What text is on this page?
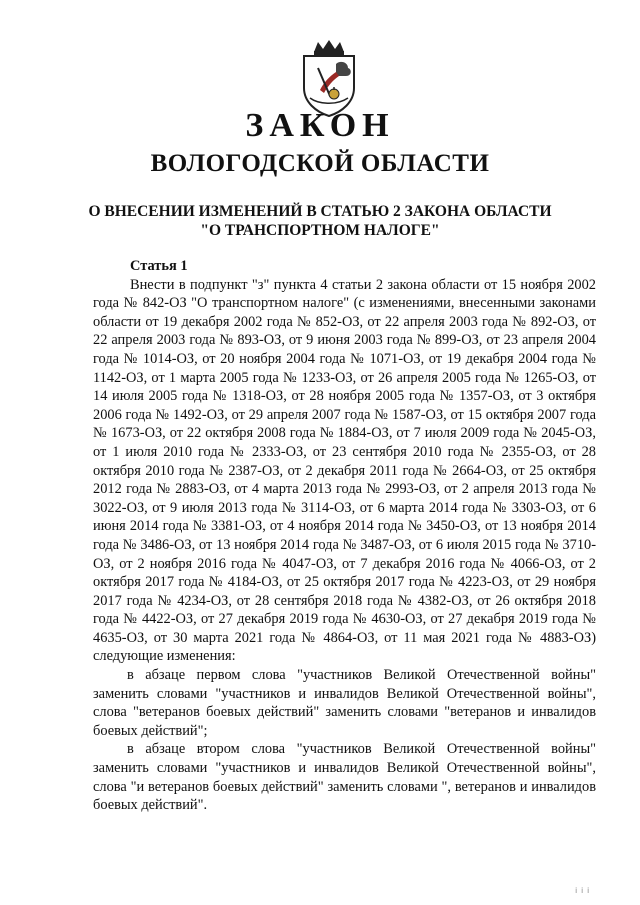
ЗАКОН
ВОЛОГОДСКОЙ ОБЛАСТИ
О ВНЕСЕНИИ ИЗМЕНЕНИЙ В СТАТЬЮ 2 ЗАКОНА ОБЛАСТИ
"О ТРАНСПОРТНОМ НАЛОГЕ"

Статья 1

Внести в подпункт "з" пункта 4 статьи 2 закона области от 15 ноября 2002 года № 842-ОЗ "О транспортном налоге" (с изменениями, внесенными законами области от 19 декабря 2002 года № 852-ОЗ, от 22 апреля 2003 года № 892-ОЗ, от 22 апреля 2003 года № 893-ОЗ, от 9 июня 2003 года № 899-ОЗ, от 23 апреля 2004 года № 1014-ОЗ, от 20 ноября 2004 года № 1071-ОЗ, от 19 декабря 2004 года № 1142-ОЗ, от 1 марта 2005 года № 1233-ОЗ, от 26 апреля 2005 года № 1265-ОЗ, от 14 июля 2005 года № 1318-ОЗ, от 28 ноября 2005 года № 1357-ОЗ, от 3 октября 2006 года № 1492-ОЗ, от 29 апреля 2007 года № 1587-ОЗ, от 15 октября 2007 года № 1673-ОЗ, от 22 октября 2008 года № 1884-ОЗ, от 7 июля 2009 года № 2045-ОЗ, от 1 июля 2010 года № 2333-ОЗ, от 23 сентября 2010 года № 2355-ОЗ, от 28 октября 2010 года № 2387-ОЗ, от 2 декабря 2011 года № 2664-ОЗ, от 25 октября 2012 года № 2883-ОЗ, от 4 марта 2013 года № 2993-ОЗ, от 2 апреля 2013 года № 3022-ОЗ, от 9 июля 2013 года № 3114-ОЗ, от 6 марта 2014 года № 3303-ОЗ, от 6 июня 2014 года № 3381-ОЗ, от 4 ноября 2014 года № 3450-ОЗ, от 13 ноября 2014 года № 3486-ОЗ, от 13 ноября 2014 года № 3487-ОЗ, от 6 июля 2015 года № 3710-ОЗ, от 2 ноября 2016 года № 4047-ОЗ, от 7 декабря 2016 года № 4066-ОЗ, от 2 октября 2017 года № 4184-ОЗ, от 25 октября 2017 года № 4223-ОЗ, от 29 ноября 2017 года № 4234-ОЗ, от 28 сентября 2018 года № 4382-ОЗ, от 26 октября 2018 года № 4422-ОЗ, от 27 декабря 2019 года № 4630-ОЗ, от 27 декабря 2019 года № 4635-ОЗ, от 30 марта 2021 года № 4864-ОЗ, от 11 мая 2021 года № 4883-ОЗ) следующие изменения:

в абзаце первом слова "участников Великой Отечественной войны" заменить словами "участников и инвалидов Великой Отечественной войны", слова "ветеранов боевых действий" заменить словами "ветеранов и инвалидов боевых действий";

в абзаце втором слова "участников Великой Отечественной войны" заменить словами "участников и инвалидов Великой Отечественной войны", слова "и ветеранов боевых действий" заменить словами ", ветеранов и инвалидов боевых действий".

і і і
